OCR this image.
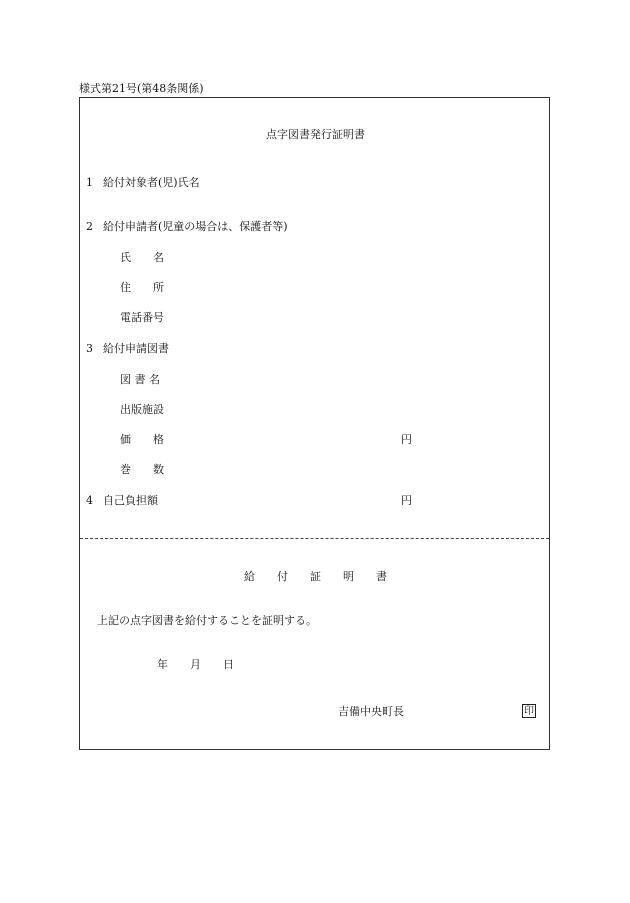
様式第21号(第48条関係)
点字図書発行証明書
1 給付対象者(児)氏名
2 給付申請者(児童の場合は、保護者等)
氏　　名
住　　所
電話番号
3 給付申請図書
図 書 名
出版施設
価　　格	円
巻　　数
4 自己負担額	円
給　　付　　証　　明　　書
上記の点字図書を給付することを証明する。
年　　月　　日
吉備中央町長	印
